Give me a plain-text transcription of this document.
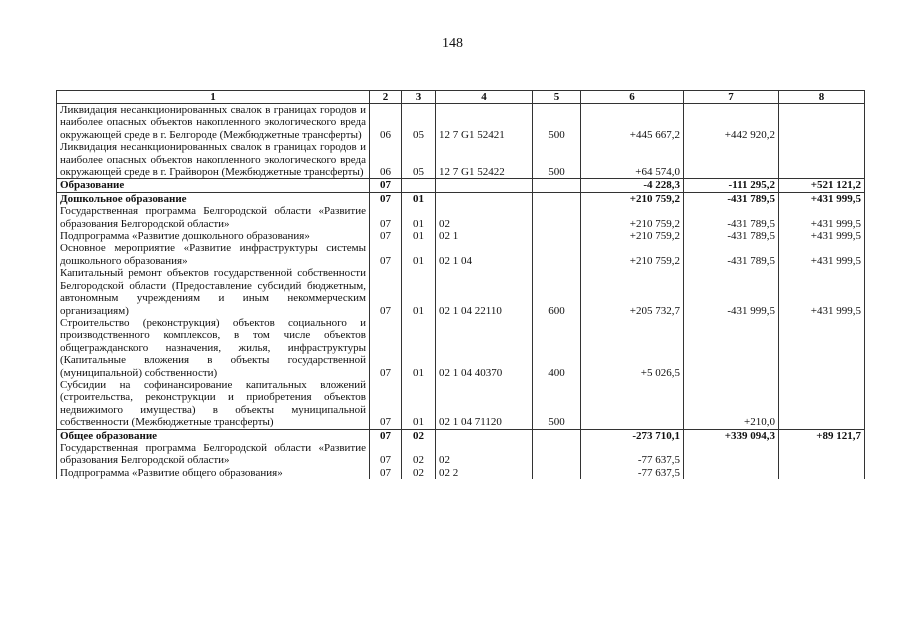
148
1	2	3	4	5	6	7	8
Ликвидация несанкционированных свалок в границах городов и наиболее опасных объектов накопленного экологического вреда окружающей среде в г. Белгороде (Межбюджетные трансферты)	06	05	12 7 G1 52421	500	+445 667,2	+442 920,2	
Ликвидация несанкционированных свалок в границах городов и наиболее опасных объектов накопленного экологического вреда окружающей среде в г. Грайворон (Межбюджетные трансферты)	06	05	12 7 G1 52422	500	+64 574,0		
Образование	07				-4 228,3	-111 295,2	+521 121,2
Дошкольное образование	07	01			+210 759,2	-431 789,5	+431 999,5
Государственная программа Белгородской области «Развитие образования Белгородской области»	07	01	02		+210 759,2	-431 789,5	+431 999,5
Подпрограмма «Развитие дошкольного образования»	07	01	02 1		+210 759,2	-431 789,5	+431 999,5
Основное мероприятие «Развитие инфраструктуры системы дошкольного образования»	07	01	02 1 04		+210 759,2	-431 789,5	+431 999,5
Капитальный ремонт объектов государственной собственности Белгородской области (Предоставление субсидий бюджетным, автономным учреждениям и иным некоммерческим организациям)	07	01	02 1 04 22110	600	+205 732,7	-431 999,5	+431 999,5
Строительство (реконструкция) объектов социального и производственного комплексов, в том числе объектов общегражданского назначения, жилья, инфраструктуры (Капитальные вложения в объекты государственной (муниципальной) собственности)	07	01	02 1 04 40370	400	+5 026,5		
Субсидии на софинансирование капитальных вложений (строительства, реконструкции и приобретения объектов недвижимого имущества) в объекты муниципальной собственности (Межбюджетные трансферты)	07	01	02 1 04 71120	500		+210,0	
Общее образование	07	02			-273 710,1	+339 094,3	+89 121,7
Государственная программа Белгородской области «Развитие образования Белгородской области»	07	02	02		-77 637,5		
Подпрограмма «Развитие общего образования»	07	02	02 2		-77 637,5		
